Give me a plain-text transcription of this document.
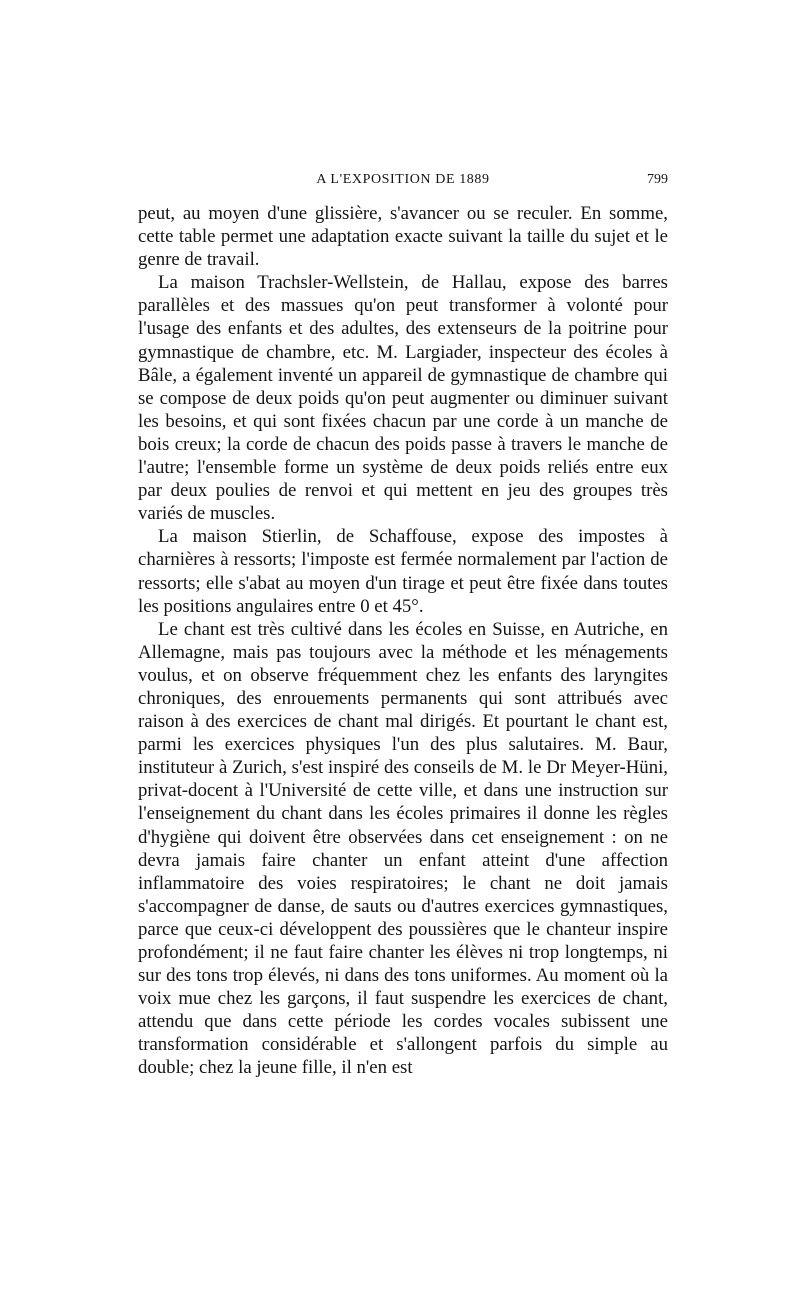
A L'EXPOSITION DE 1889	799

peut, au moyen d'une glissière, s'avancer ou se reculer. En somme, cette table permet une adaptation exacte suivant la taille du sujet et le genre de travail.

La maison Trachsler-Wellstein, de Hallau, expose des barres parallèles et des massues qu'on peut transformer à volonté pour l'usage des enfants et des adultes, des extenseurs de la poitrine pour gymnastique de chambre, etc. M. Largiader, inspecteur des écoles à Bâle, a également inventé un appareil de gymnastique de chambre qui se compose de deux poids qu'on peut augmenter ou diminuer suivant les besoins, et qui sont fixées chacun par une corde à un manche de bois creux; la corde de chacun des poids passe à travers le manche de l'autre; l'ensemble forme un système de deux poids reliés entre eux par deux poulies de renvoi et qui mettent en jeu des groupes très variés de muscles.

La maison Stierlin, de Schaffouse, expose des impostes à charnières à ressorts; l'imposte est fermée normalement par l'action de ressorts; elle s'abat au moyen d'un tirage et peut être fixée dans toutes les positions angulaires entre 0 et 45°.

Le chant est très cultivé dans les écoles en Suisse, en Autriche, en Allemagne, mais pas toujours avec la méthode et les ménagements voulus, et on observe fréquemment chez les enfants des laryngites chroniques, des enrouements permanents qui sont attribués avec raison à des exercices de chant mal dirigés. Et pourtant le chant est, parmi les exercices physiques l'un des plus salutaires. M. Baur, instituteur à Zurich, s'est inspiré des conseils de M. le Dr Meyer-Hüni, privat-docent à l'Université de cette ville, et dans une instruction sur l'enseignement du chant dans les écoles primaires il donne les règles d'hygiène qui doivent être observées dans cet enseignement : on ne devra jamais faire chanter un enfant atteint d'une affection inflammatoire des voies respiratoires; le chant ne doit jamais s'accompagner de danse, de sauts ou d'autres exercices gymnastiques, parce que ceux-ci développent des poussières que le chanteur inspire profondément; il ne faut faire chanter les élèves ni trop longtemps, ni sur des tons trop élevés, ni dans des tons uniformes. Au moment où la voix mue chez les garçons, il faut suspendre les exercices de chant, attendu que dans cette période les cordes vocales subissent une transformation considérable et s'allongent parfois du simple au double; chez la jeune fille, il n'en est
